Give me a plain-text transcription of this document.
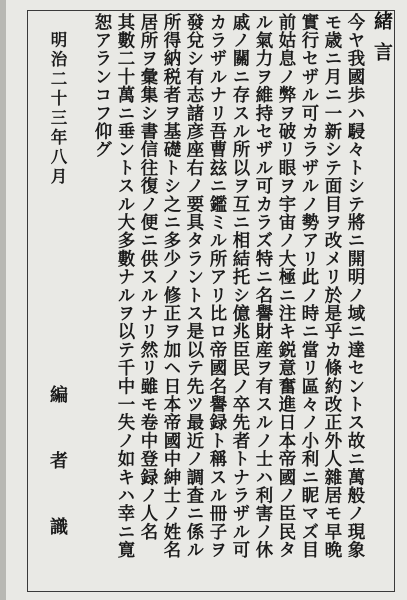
緒言
今ヤ我國歩ハ駸々トシテ將ニ開明ノ域ニ達セントス故ニ萬般ノ現象
モ歳ニ月ニ一新シテ面目ヲ改メリ於是乎カ條約改正外人雜居モ早晩
實行セザル可カラザルノ勢アリ此ノ時ニ當リ區々ノ小利ニ眤マズ目
前姑息ノ弊ヲ破リ眼ヲ宇宙ノ大極ニ注キ鋭意奮進日本帝國ノ臣民タ
ル氣力ヲ維持セザル可カラズ特ニ名譽財産ヲ有スルノ士ハ利害ノ休
戚ノ關ニ存スル所以ヲ互ニ相結托シ億兆臣民ノ卒先者トナラザル可
カラザルナリ吾曹玆ニ鑑ミル所アリ比ロ帝國名譽録ト稱スル冊子ヲ
發兌シ有志諸彦座右ノ要具タラントス是以テ先ツ最近ノ調査ニ係ル
所得納税者ヲ基礎トシ之ニ多少ノ修正ヲ加ヘ日本帝國中紳士ノ姓名
居所ヲ彙集シ書信往復ノ便ニ供スルナリ然リ雖モ卷中登録ノ人名
其數二十萬ニ垂ントスル大多數ナルヲ以テ千中一失ノ如キハ幸ニ寛
恕アランコフ仰グ
明治二十三年八月
編者識
